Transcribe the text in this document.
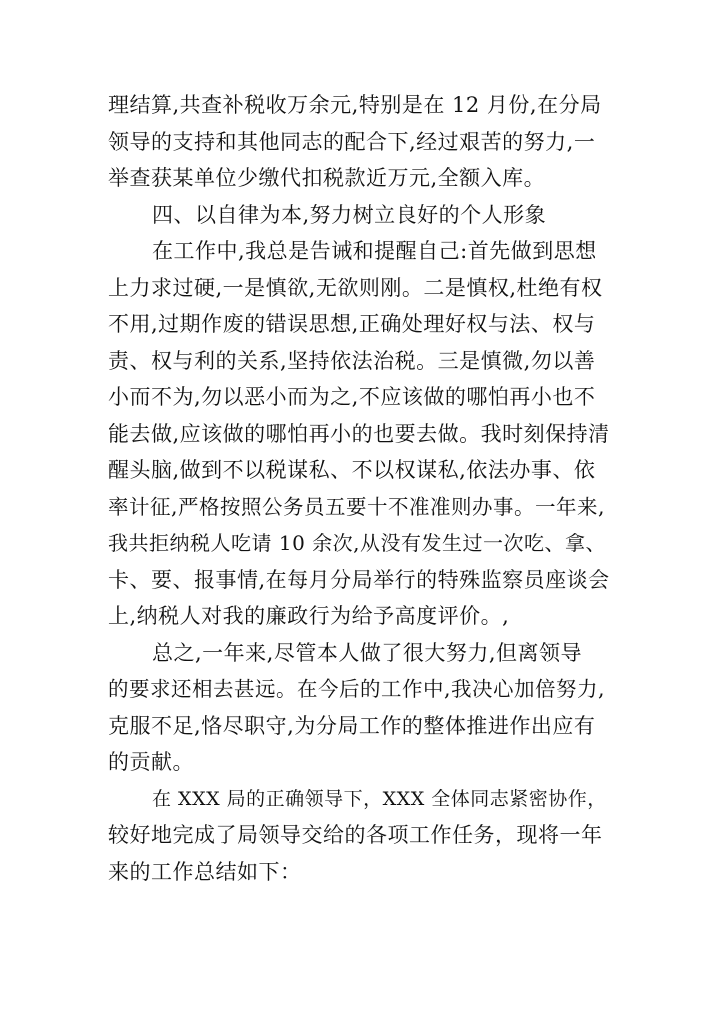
理结算,共查补税收万余元,特别是在 12 月份,在分局
领导的支持和其他同志的配合下,经过艰苦的努力,一
举查获某单位少缴代扣税款近万元,全额入库。
四、以自律为本,努力树立良好的个人形象
在工作中,我总是告诫和提醒自己:首先做到思想
上力求过硬,一是慎欲,无欲则刚。二是慎权,杜绝有权
不用,过期作废的错误思想,正确处理好权与法、权与
责、权与利的关系,坚持依法治税。三是慎微,勿以善
小而不为,勿以恶小而为之,不应该做的哪怕再小也不
能去做,应该做的哪怕再小的也要去做。我时刻保持清
醒头脑,做到不以税谋私、不以权谋私,依法办事、依
率计征,严格按照公务员五要十不准准则办事。一年来,
我共拒纳税人吃请 10 余次,从没有发生过一次吃、拿、
卡、要、报事情,在每月分局举行的特殊监察员座谈会
上,纳税人对我的廉政行为给予高度评价。,
总之,一年来,尽管本人做了很大努力,但离领导
的要求还相去甚远。在今后的工作中,我决心加倍努力,
克服不足,恪尽职守,为分局工作的整体推进作出应有
的贡献。
在 XXX 局的正确领导下，XXX 全体同志紧密协作，
较好地完成了局领导交给的各项工作任务，现将一年
来的工作总结如下：
